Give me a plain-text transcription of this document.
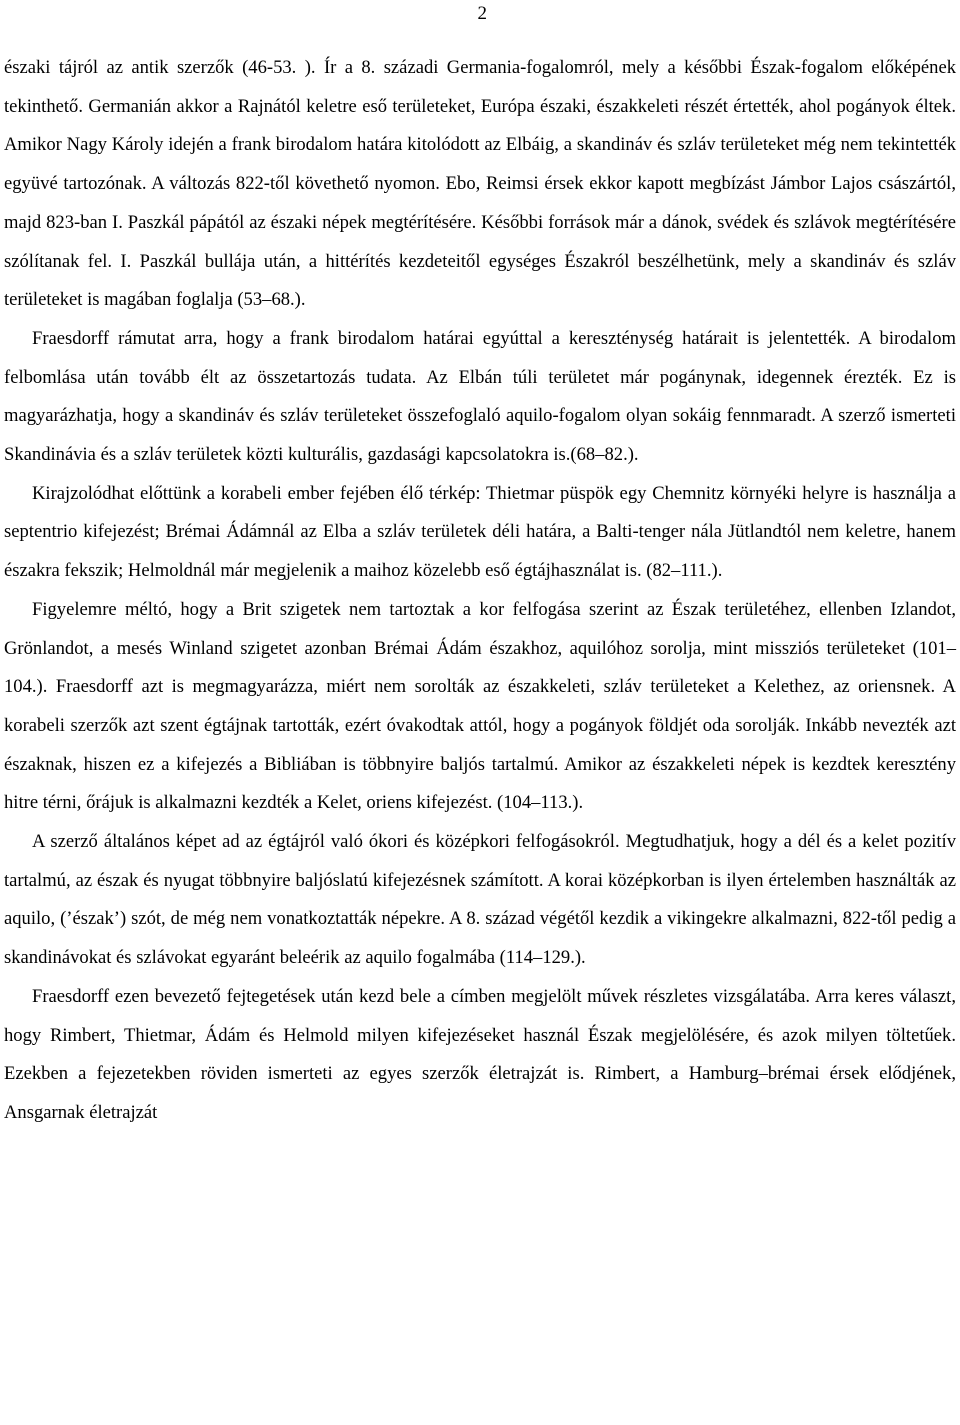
2

északi tájról az antik szerzők (46-53. ). Ír a 8. századi Germania-fogalomról, mely a későbbi Észak-fogalom előképének tekinthető. Germanián akkor a Rajnától keletre eső területeket, Európa északi, északkeleti részét értették, ahol pogányok éltek. Amikor Nagy Károly idején a frank birodalom határa kitolódott az Elbáig, a skandináv és szláv területeket még nem tekintették együvé tartozónak. A változás 822-től követhető nyomon. Ebo, Reimsi érsek ekkor kapott megbízást Jámbor Lajos császártól, majd 823-ban I. Paszkál pápától az északi népek megtérítésére. Későbbi források már a dánok, svédek és szlávok megtérítésére szólítanak fel. I. Paszkál bullája után, a hittérítés kezdeteitől egységes Északról beszélhetünk, mely a skandináv és szláv területeket is magában foglalja (53–68.).

Fraesdorff rámutat arra, hogy a frank birodalom határai egyúttal a kereszténység határait is jelentették. A birodalom felbomlása után tovább élt az összetartozás tudata. Az Elbán túli területet már pogánynak, idegennek érezték. Ez is magyarázhatja, hogy a skandináv és szláv területeket összefoglaló aquilo-fogalom olyan sokáig fennmaradt. A szerző ismerteti Skandinávia és a szláv területek közti kulturális, gazdasági kapcsolatokra is.(68–82.).

Kirajzolódhat előttünk a korabeli ember fejében élő térkép: Thietmar püspök egy Chemnitz környéki helyre is használja a septentrio kifejezést; Brémai Ádámnál az Elba a szláv területek déli határa, a Balti-tenger nála Jütlandtól nem keletre, hanem északra fekszik; Helmoldnál már megjelenik a maihoz közelebb eső égtájhasználat is. (82–111.).

Figyelemre méltó, hogy a Brit szigetek nem tartoztak a kor felfogása szerint az Észak területéhez, ellenben Izlandot, Grönlandot, a mesés Winland szigetet azonban Brémai Ádám északhoz, aquilóhoz sorolja, mint missziós területeket (101–104.). Fraesdorff azt is megmagyarázza, miért nem sorolták az északkeleti, szláv területeket a Kelethez, az oriensnek. A korabeli szerzők azt szent égtájnak tartották, ezért óvakodtak attól, hogy a pogányok földjét oda sorolják. Inkább nevezték azt északnak, hiszen ez a kifejezés a Bibliában is többnyire baljós tartalmú. Amikor az északkeleti népek is kezdtek keresztény hitre térni, őrájuk is alkalmazni kezdték a Kelet, oriens kifejezést. (104–113.).

A szerző általános képet ad az égtájról való ókori és középkori felfogásokról. Megtudhatjuk, hogy a dél és a kelet pozitív tartalmú, az észak és nyugat többnyire baljóslatú kifejezésnek számított. A korai középkorban is ilyen értelemben használták az aquilo, (’észak’) szót, de még nem vonatkoztatták népekre. A 8. század végétől kezdik a vikingekre alkalmazni, 822-től pedig a skandinávokat és szlávokat egyaránt beleérik az aquilo fogalmába (114–129.).

Fraesdorff ezen bevezető fejtegetések után kezd bele a címben megjelölt művek részletes vizsgálatába. Arra keres választ, hogy Rimbert, Thietmar, Ádám és Helmold milyen kifejezéseket használ Észak megjelölésére, és azok milyen töltetűek. Ezekben a fejezetekben röviden ismerteti az egyes szerzők életrajzát is. Rimbert, a Hamburg–brémai érsek elődjének, Ansgarnak életrajzát
